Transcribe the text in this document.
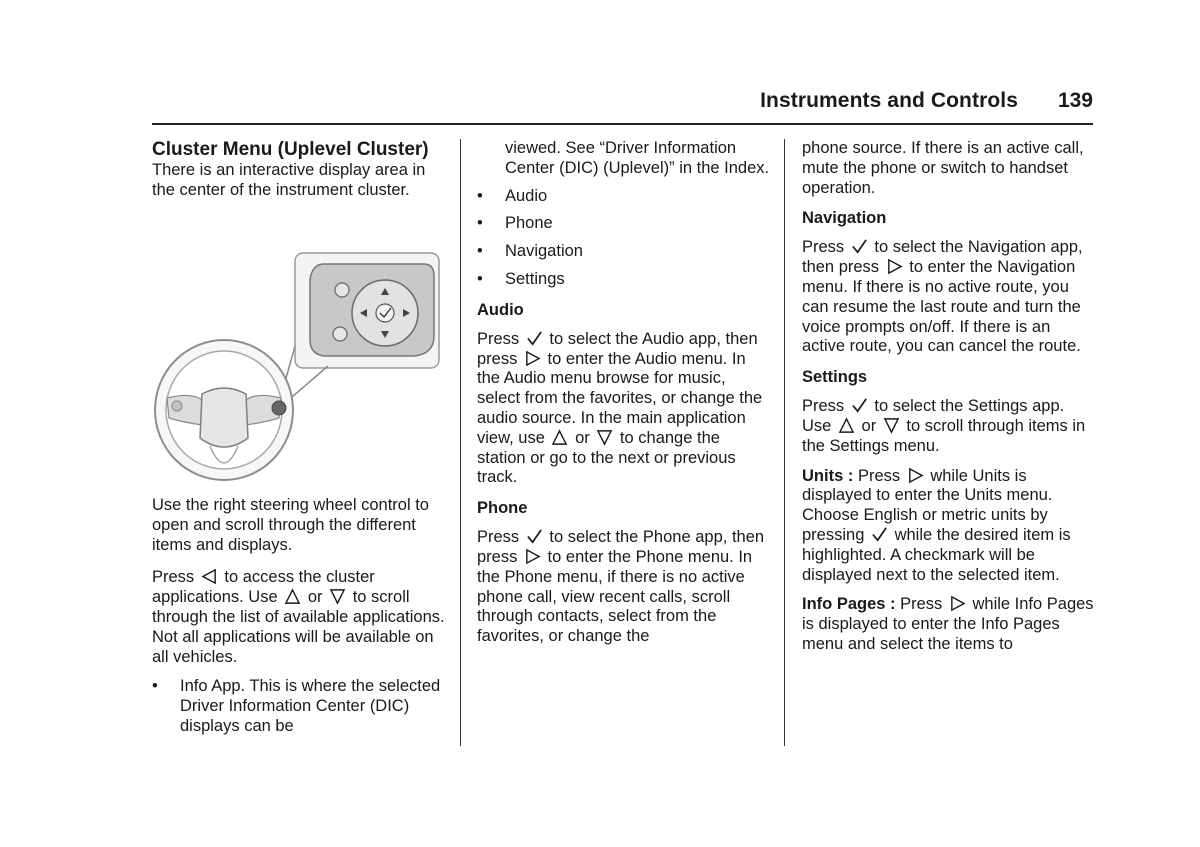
Instruments and Controls	139

Cluster Menu (Uplevel Cluster)

There is an interactive display area in the center of the instrument cluster.

Use the right steering wheel control to open and scroll through the different items and displays.

Press to access the cluster applications. Use or to scroll through the list of available applications. Not all applications will be available on all vehicles.

• Info App. This is where the selected Driver Information Center (DIC) displays can be

viewed. See “Driver Information Center (DIC) (Uplevel)” in the Index.

• Audio

• Phone

• Navigation

• Settings

Audio

Press to select the Audio app, then press to enter the Audio menu. In the Audio menu browse for music, select from the favorites, or change the audio source. In the main application view, use or to change the station or go to the next or previous track.

Phone

Press to select the Phone app, then press to enter the Phone menu. In the Phone menu, if there is no active phone call, view recent calls, scroll through contacts, select from the favorites, or change the

phone source. If there is an active call, mute the phone or switch to handset operation.

Navigation

Press to select the Navigation app, then press to enter the Navigation menu. If there is no active route, you can resume the last route and turn the voice prompts on/off. If there is an active route, you can cancel the route.

Settings

Press to select the Settings app. Use or to scroll through items in the Settings menu.

Units : Press while Units is displayed to enter the Units menu. Choose English or metric units by pressing while the desired item is highlighted. A checkmark will be displayed next to the selected item.

Info Pages : Press while Info Pages is displayed to enter the Info Pages menu and select the items to
